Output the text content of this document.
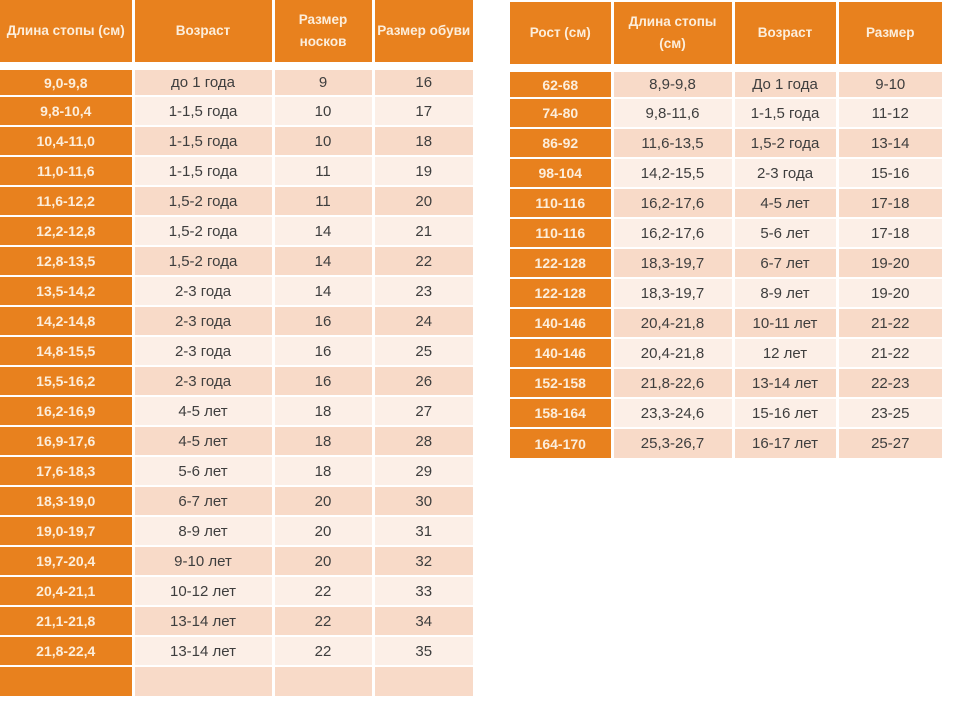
Длина стопы (см)	Возраст	Размер носков	Размер обуви
9,0-9,8	до 1 года	9	16
9,8-10,4	1-1,5 года	10	17
10,4-11,0	1-1,5 года	10	18
11,0-11,6	1-1,5 года	11	19
11,6-12,2	1,5-2 года	11	20
12,2-12,8	1,5-2 года	14	21
12,8-13,5	1,5-2 года	14	22
13,5-14,2	2-3 года	14	23
14,2-14,8	2-3 года	16	24
14,8-15,5	2-3 года	16	25
15,5-16,2	2-3 года	16	26
16,2-16,9	4-5 лет	18	27
16,9-17,6	4-5 лет	18	28
17,6-18,3	5-6 лет	18	29
18,3-19,0	6-7 лет	20	30
19,0-19,7	8-9 лет	20	31
19,7-20,4	9-10 лет	20	32
20,4-21,1	10-12 лет	22	33
21,1-21,8	13-14 лет	22	34
21,8-22,4	13-14 лет	22	35

Рост (см)	Длина стопы (см)	Возраст	Размер
62-68	8,9-9,8	До 1 года	9-10
74-80	9,8-11,6	1-1,5 года	11-12
86-92	11,6-13,5	1,5-2 года	13-14
98-104	14,2-15,5	2-3 года	15-16
110-116	16,2-17,6	4-5 лет	17-18
110-116	16,2-17,6	5-6 лет	17-18
122-128	18,3-19,7	6-7 лет	19-20
122-128	18,3-19,7	8-9 лет	19-20
140-146	20,4-21,8	10-11 лет	21-22
140-146	20,4-21,8	12 лет	21-22
152-158	21,8-22,6	13-14 лет	22-23
158-164	23,3-24,6	15-16 лет	23-25
164-170	25,3-26,7	16-17 лет	25-27
